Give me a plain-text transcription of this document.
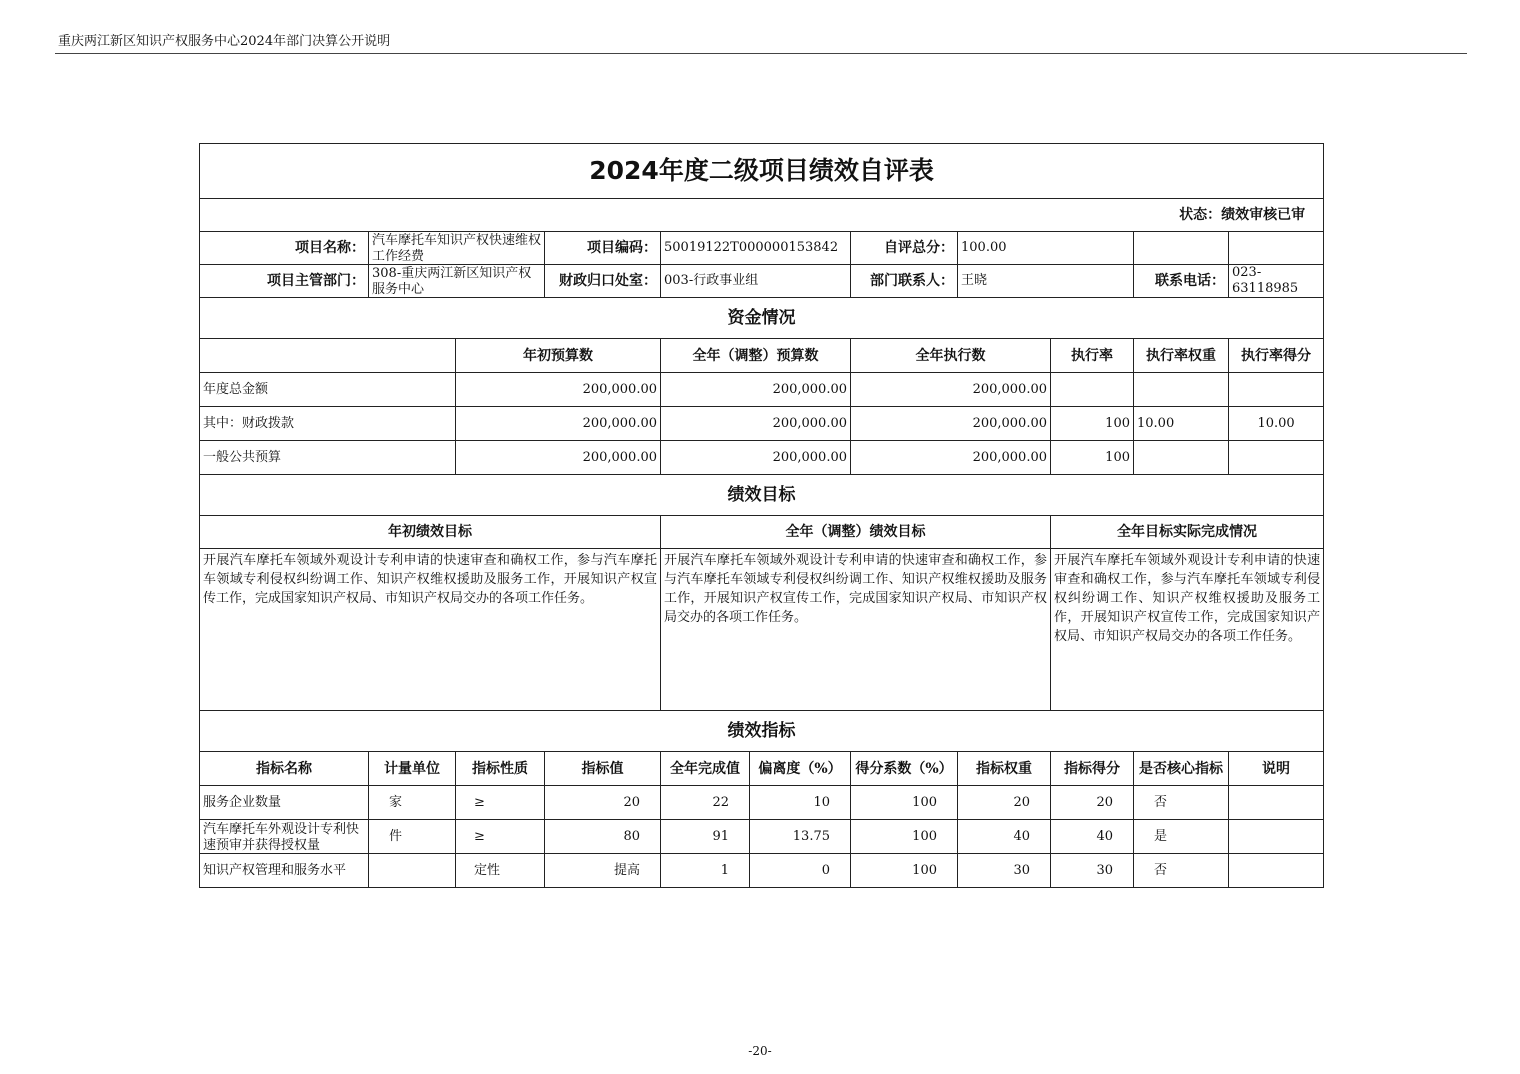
重庆两江新区知识产权服务中心2024年部门决算公开说明
2024年度二级项目绩效自评表										
状态：绩效审核已审										
项目名称：	汽车摩托车知识产权快速维权工作经费		项目编码：	50019122T000000153842		自评总分：	100.00			
项目主管部门：	308-重庆两江新区知识产权服务中心		财政归口处室：	003-行政事业组		部门联系人：	王晓		联系电话：	023-63118985
资金情况										
		年初预算数		全年（调整）预算数		全年执行数		执行率	执行率权重	执行率得分
年度总金额		200,000.00		200,000.00		200,000.00				
其中：财政拨款		200,000.00		200,000.00		200,000.00		100	10.00	10.00
一般公共预算		200,000.00		200,000.00		200,000.00		100		
绩效目标										
年初绩效目标				全年（调整）绩效目标				全年目标实际完成情况		
开展汽车摩托车领域外观设计专利申请的快速审查和确权工作，参与汽车摩托车领域专利侵权纠纷调工作、知识产权维权援助及服务工作，开展知识产权宣传工作，完成国家知识产权局、市知识产权局交办的各项工作任务。				开展汽车摩托车领域外观设计专利申请的快速审查和确权工作，参与汽车摩托车领域专利侵权纠纷调工作、知识产权维权援助及服务工作，开展知识产权宣传工作，完成国家知识产权局、市知识产权局交办的各项工作任务。				开展汽车摩托车领域外观设计专利申请的快速审查和确权工作，参与汽车摩托车领域专利侵权纠纷调工作、知识产权维权援助及服务工作，开展知识产权宣传工作，完成国家知识产权局、市知识产权局交办的各项工作任务。		
绩效指标										
指标名称	计量单位	指标性质	指标值	全年完成值	偏离度（%）	得分系数（%）	指标权重	指标得分	是否核心指标	说明
服务企业数量	家	≥	20	22	10	100	20	20	否	

汽车摩托车外观设计专利快速预审并获得授权量	件	≥	80	91	13.75	100	40	40	是	
知识产权管理和服务水平		定性	提高	1	0	100	30	30	否	
-20-
